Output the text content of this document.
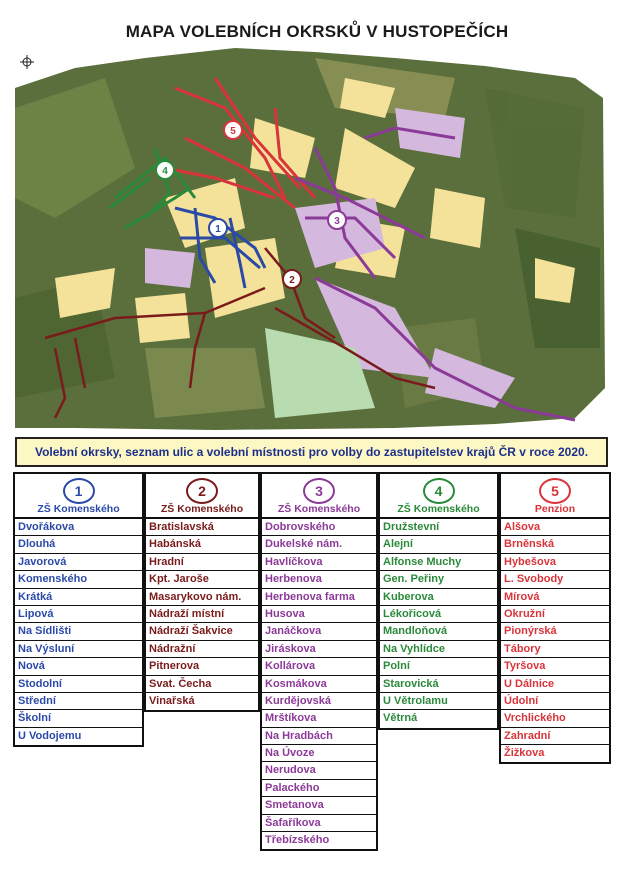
MAPA VOLEBNÍCH OKRSKŮ V HUSTOPEČÍCH
5
4
1
3
2
Volební okrsky, seznam ulic a volební místnosti pro volby do zastupitelstev krajů ČR v roce 2020.
1
ZŠ Komenského
Dvořákova
Dlouhá
Javorová
Komenského
Krátká
Lipová
Na Sídlišti
Na Výsluní
Nová
Stodolní
Střední
Školní
U Vodojemu
2
ZŠ Komenského
Bratislavská
Habánská
Hradní
Kpt. Jaroše
Masarykovo nám.
Nádraží místní
Nádraží Šakvice
Nádražní
Pitnerova
Svat. Čecha
Vinařská
3
ZŠ Komenského
Dobrovského
Dukelské nám.
Havlíčkova
Herbenova
Herbenova farma
Husova
Janáčkova
Jiráskova
Kollárova
Kosmákova
Kurdějovská
Mrštíkova
Na Hradbách
Na Úvoze
Nerudova
Palackého
Smetanova
Šafaříkova
Třebízského
4
ZŠ Komenského
Družstevní
Alejní
Alfonse Muchy
Gen. Peřiny
Kuberova
Lékořicová
Mandloňová
Na Vyhlídce
Polní
Starovická
U Větrolamu
Větrná
5
Penzion
Alšova
Brněnská
Hybešova
L. Svobody
Mírová
Okružní
Pionýrská
Tábory
Tyršova
U Dálnice
Údolní
Vrchlického
Zahradní
Žižkova
